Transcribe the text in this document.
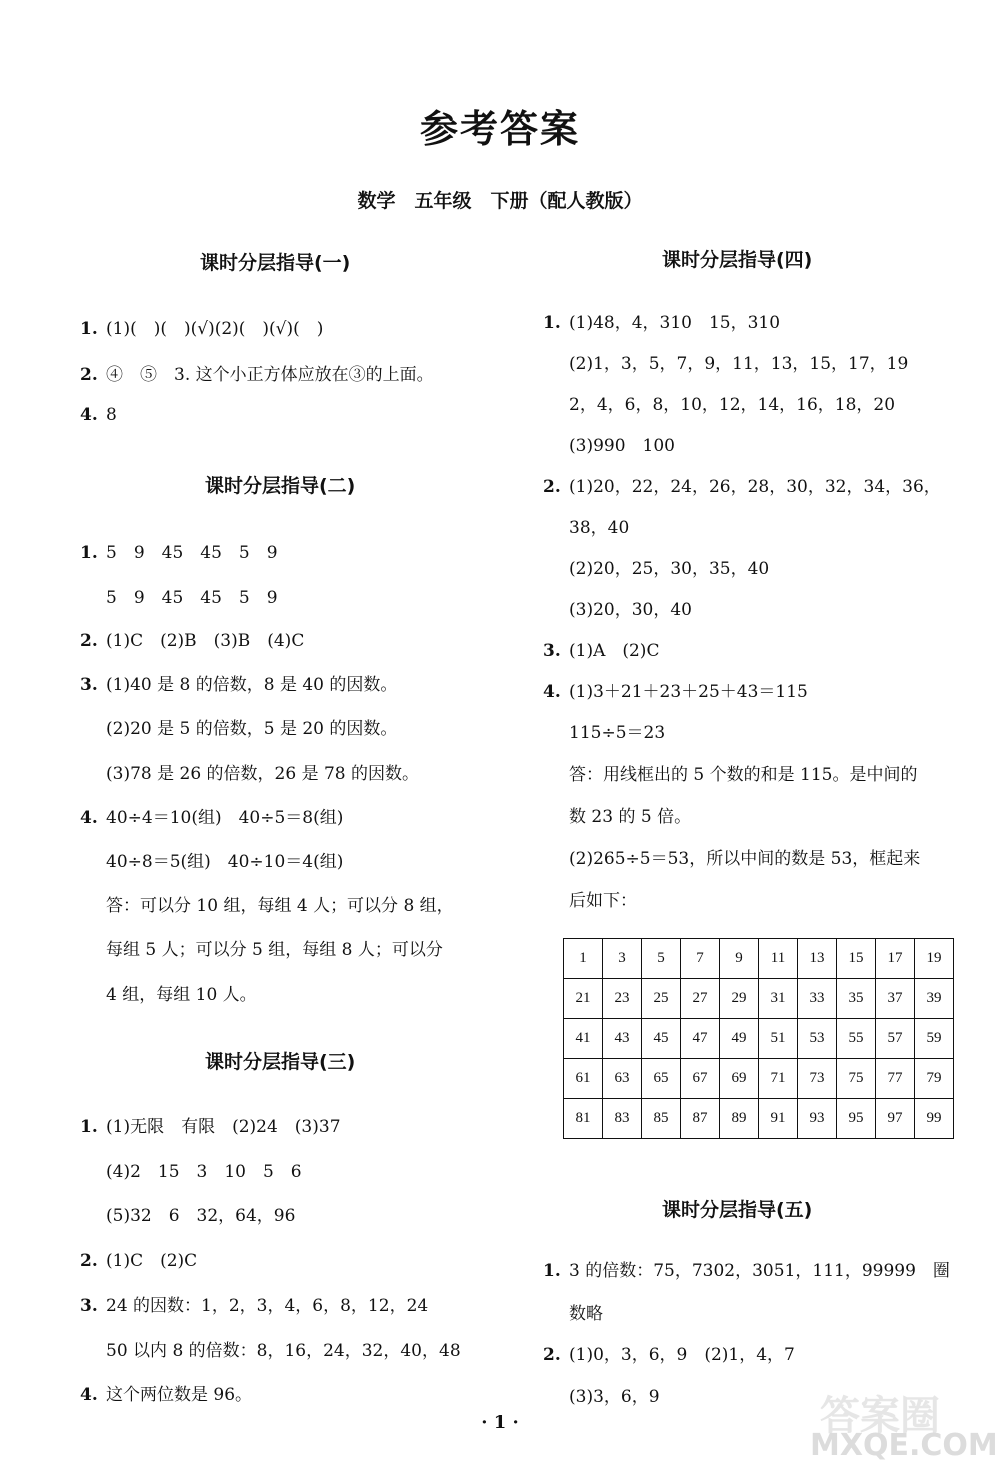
参考答案
数学　五年级　下册（配人教版）
课时分层指导(一)
1. (1)(　)(　)(√)(2)(　)(√)(　)
2. ④　⑤　3. 这个小正方体应放在③的上面。
4. 8
课时分层指导(二)
1. 5　9　45　45　5　9
5　9　45　45　5　9
2. (1)C　(2)B　(3)B　(4)C
3. (1)40 是 8 的倍数，8 是 40 的因数。
(2)20 是 5 的倍数，5 是 20 的因数。
(3)78 是 26 的倍数，26 是 78 的因数。
4. 40÷4＝10(组)　40÷5＝8(组)
40÷8＝5(组)　40÷10＝4(组)
答：可以分 10 组，每组 4 人；可以分 8 组，
每组 5 人；可以分 5 组，每组 8 人；可以分
4 组，每组 10 人。
课时分层指导(三)
1. (1)无限　有限　(2)24　(3)37
(4)2　15　3　10　5　6
(5)32　6　32，64，96
2. (1)C　(2)C
3. 24 的因数：1，2，3，4，6，8，12，24
50 以内 8 的倍数：8，16，24，32，40，48
4. 这个两位数是 96。
课时分层指导(四)
1. (1)48，4，310　15，310
(2)1，3，5，7，9，11，13，15，17，19
2，4，6，8，10，12，14，16，18，20
(3)990　100
2. (1)20，22，24，26，28，30，32，34，36，
38，40
(2)20，25，30，35，40
(3)20，30，40
3. (1)A　(2)C
4. (1)3＋21＋23＋25＋43＝115
115÷5＝23
答：用线框出的 5 个数的和是 115。是中间的
数 23 的 5 倍。
(2)265÷5＝53，所以中间的数是 53，框起来
后如下：
1	3	5	7	9	11	13	15	17	19
21	23	25	27	29	31	33	35	37	39
41	43	45	47	49	51	53	55	57	59
61	63	65	67	69	71	73	75	77	79
81	83	85	87	89	91	93	95	97	99
课时分层指导(五)
1. 3 的倍数：75，7302，3051，111，99999　圈
数略
2. (1)0，3，6，9　(2)1，4，7
(3)3，6，9	答案圈
· 1 ·
MXQE.COM
